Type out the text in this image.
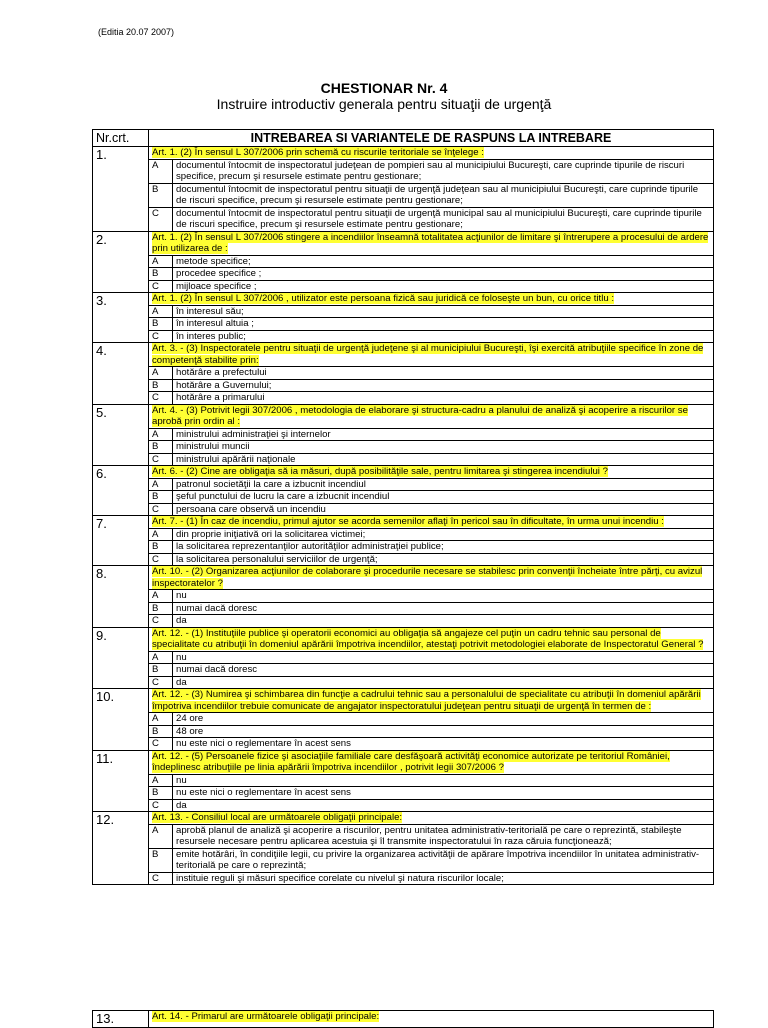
(Editia 20.07 2007)
CHESTIONAR Nr. 4
Instruire introductiv generala pentru situaţii de urgenţă
Nr.crt.	INTREBAREA SI VARIANTELE DE RASPUNS LA INTREBARE	
1.	Art. 1. (2) În sensul L 307/2006 prin schemă cu riscurile teritoriale se înţelege :	
	A	documentul întocmit de inspectoratul judeţean de pompieri sau al municipiului Bucureşti, care cuprinde tipurile de riscuri specifice, precum şi resursele estimate pentru gestionare;
	B	documentul întocmit de inspectoratul pentru situaţii de urgenţă judeţean sau al municipiului Bucureşti, care cuprinde tipurile de riscuri specifice, precum şi resursele estimate pentru gestionare;
	C	documentul întocmit de inspectoratul pentru situaţii de urgenţă municipal sau al municipiului Bucureşti, care cuprinde tipurile de riscuri specifice, precum şi resursele estimate pentru gestionare;
2.	Art. 1. (2) În sensul L 307/2006 stingere a incendiilor înseamnă totalitatea acţiunilor de limitare şi întrerupere a procesului de ardere prin utilizarea de :	
	A	metode specifice;
	B	procedee specifice ;
	C	mijloace specifice ;
3.	Art. 1. (2) În sensul L 307/2006 , utilizator este persoana fizică sau juridică ce foloseşte un bun, cu orice titlu :	
	A	în interesul său;
	B	în interesul altuia ;
	C	în interes public;
4.	Art. 3. - (3) Inspectoratele pentru situaţii de urgenţă judeţene şi al municipiului Bucureşti, îşi exercită atribuţiile specifice în zone de competenţă stabilite prin:	
	A	hotărâre a prefectului
	B	hotărâre a Guvernului;
	C	hotărâre a primarului
5.	Art. 4. - (3) Potrivit legii 307/2006 , metodologia de elaborare şi structura-cadru a planului de analiză şi acoperire a riscurilor se aprobă prin ordin al :	
	A	ministrului administraţiei şi internelor
	B	ministrului muncii
	C	ministrului apărării naţionale
6.	Art. 6. - (2) Cine are obligaţia să ia măsuri, după posibilităţile sale, pentru limitarea şi stingerea incendiului ?	
	A	patronul societăţii la care a izbucnit incendiul
	B	şeful punctului de lucru la care a izbucnit incendiul
	C	persoana care observă un incendiu
7.	Art. 7. - (1) În caz de incendiu, primul ajutor se acorda semenilor aflaţi în pericol sau în dificultate, în urma unui incendiu :	
	A	din proprie iniţiativă ori la solicitarea victimei;
	B	la solicitarea reprezentanţilor autorităţilor administraţiei publice;
	C	la solicitarea personalului serviciilor de urgenţă;
8.	Art. 10. - (2) Organizarea acţiunilor de colaborare şi procedurile necesare se stabilesc prin convenţii încheiate între părţi, cu avizul inspectoratelor ?	
	A	nu
	B	numai dacă doresc
	C	da
9.	Art. 12. - (1) Instituţiile publice şi operatorii economici au obligaţia să angajeze cel puţin un cadru tehnic sau personal de specialitate cu atribuţii în domeniul apărării împotriva incendiilor, atestaţi potrivit metodologiei elaborate de Inspectoratul General ?	
	A	nu
	B	numai dacă doresc
	C	da
10.	Art. 12. - (3) Numirea şi schimbarea din funcţie a cadrului tehnic sau a personalului de specialitate cu atribuţii în domeniul apărării împotriva incendiilor trebuie comunicate de angajator inspectoratului judeţean pentru situaţii de urgenţă în termen de :	
	A	24 ore
	B	48 ore
	C	nu este nici o reglementare în acest sens
11.	Art. 12. - (5) Persoanele fizice şi asociaţiile familiale care desfăşoară activităţi economice autorizate pe teritoriul României, îndeplinesc atribuţiile pe linia apărării împotriva incendiilor , potrivit legii 307/2006 ?	
	A	nu
	B	nu este nici o reglementare în acest sens
	C	da
12.	Art. 13. - Consiliul local are următoarele obligaţii principale:	
	A	aprobă planul de analiză şi acoperire a riscurilor, pentru unitatea administrativ-teritorială pe care o reprezintă, stabileşte resursele necesare pentru aplicarea acestuia şi îl transmite inspectoratului în raza căruia funcţionează;
	B	emite hotărâri, în condiţiile legii, cu privire la organizarea activităţii de apărare împotriva incendiilor în unitatea administrativ-teritorială pe care o reprezintă;
	C	instituie reguli şi măsuri specifice corelate cu nivelul şi natura riscurilor locale;
13.	Art. 14. - Primarul are următoarele obligaţii principale:
